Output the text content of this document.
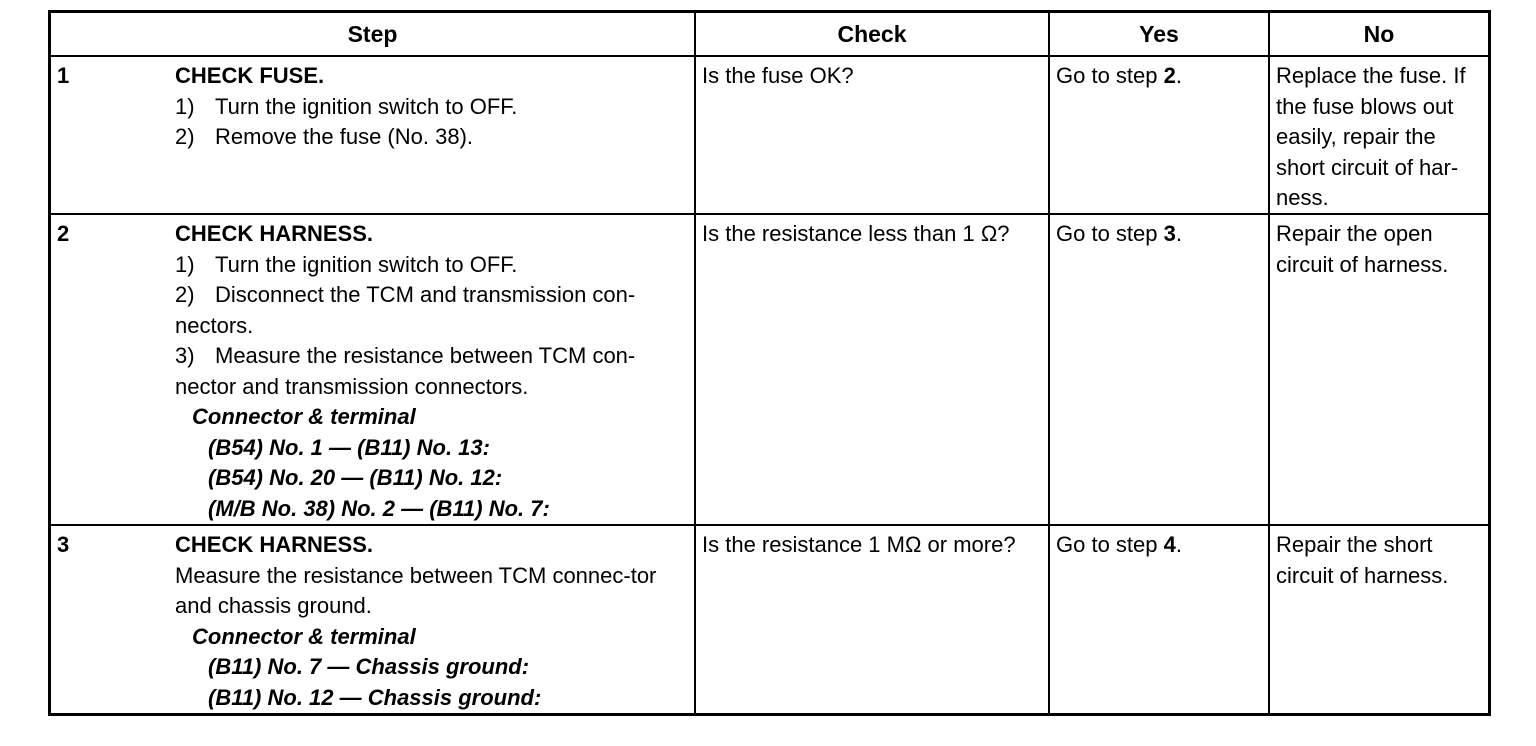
Step	Check	Yes	No
1	CHECK FUSE.
1) Turn the ignition switch to OFF.
2) Remove the fuse (No. 38).
Is the fuse OK?	Go to step 2.	Replace the fuse. If the fuse blows out easily, repair the short circuit of har-ness.
2	CHECK HARNESS.
1) Turn the ignition switch to OFF.
2) Disconnect the TCM and transmission con-nectors.
3) Measure the resistance between TCM con-nector and transmission connectors.
Connector & terminal
(B54) No. 1 — (B11) No. 13:
(B54) No. 20 — (B11) No. 12:
(M/B No. 38) No. 2 — (B11) No. 7:
Is the resistance less than 1 Ω?	Go to step 3.	Repair the open circuit of harness.
3	CHECK HARNESS.
Measure the resistance between TCM connec-tor and chassis ground.
Connector & terminal
(B11) No. 7 — Chassis ground:
(B11) No. 12 — Chassis ground:
Is the resistance 1 MΩ or more?	Go to step 4.	Repair the short circuit of harness.
